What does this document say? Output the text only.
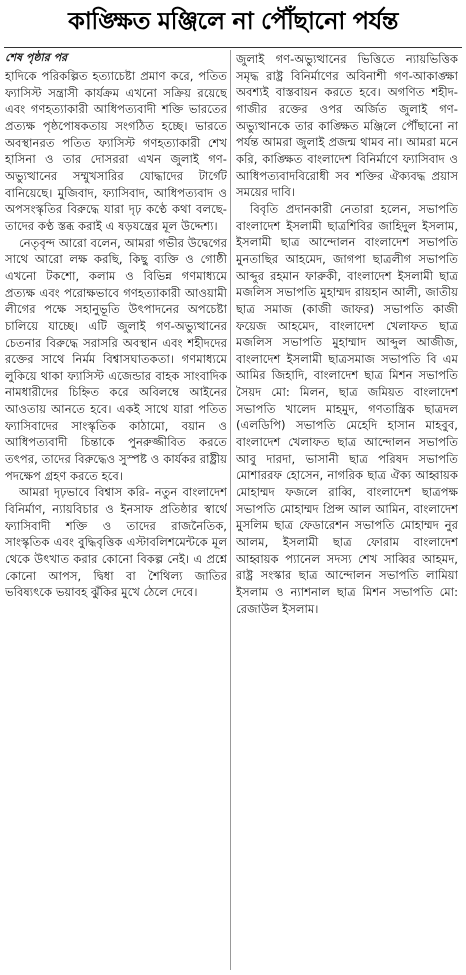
কাঙ্ক্ষিত মঞ্জিলে না পৌঁছানো পর্যন্ত
শেষ পৃষ্ঠার পর

হাদিকে পরিকল্পিত হত্যাচেষ্টা প্রমাণ করে, পতিত ফ্যাসিস্ট সন্ত্রাসী কার্যক্রম এখনো সক্রিয় রয়েছে এবং গণহত্যাকারী আধিপত্যবাদী শক্তি ভারতের প্রত্যক্ষ পৃষ্ঠপোষকতায় সংগঠিত হচ্ছে। ভারতে অবস্থানরত পতিত ফ্যাসিস্ট গণহত্যাকারী শেখ হাসিনা ও তার দোসররা এখন জুলাই গণ-অভ্যুত্থানের সম্মুখসারির যোদ্ধাদের টার্গেট বানিয়েছে। মুজিবাদ, ফ্যাসিবাদ, আধিপত্যবাদ ও অপসংস্কৃতির বিরুদ্ধে যারা দৃঢ় কণ্ঠে কথা বলছে- তাদের কণ্ঠ স্তব্ধ করাই এ ষড়যন্ত্রের মূল উদ্দেশ্য।

নেতৃবৃন্দ আরো বলেন, আমরা গভীর উদ্বেগের সাথে আরো লক্ষ করছি, কিছু ব্যক্তি ও গোষ্ঠী এখনো টকশো, কলাম ও বিভিন্ন গণমাধ্যমে প্রত্যক্ষ এবং পরোক্ষভাবে গণহত্যাকারী আওয়ামী লীগের পক্ষে সহানুভূতি উৎপাদনের অপচেষ্টা চালিয়ে যাচ্ছে। এটি জুলাই গণ-অভ্যুত্থানের চেতনার বিরুদ্ধে সরাসরি অবস্থান এবং শহীদদের রক্তের সাথে নির্মম বিশ্বাসঘাতকতা। গণমাধ্যমে লুকিয়ে থাকা ফ্যাসিস্ট এজেন্ডার বাহক সাংবাদিক নামধারীদের চিহ্নিত করে অবিলম্বে আইনের আওতায় আনতে হবে। একই সাথে যারা পতিত ফ্যাসিবাদের সাংস্কৃতিক কাঠামো, বয়ান ও আধিপত্যবাদী চিন্তাকে পুনরুজ্জীবিত করতে তৎপর, তাদের বিরুদ্ধেও সুস্পষ্ট ও কার্যকর রাষ্ট্রীয় পদক্ষেপ গ্রহণ করতে হবে।

আমরা দৃঢ়ভাবে বিশ্বাস করি- নতুন বাংলাদেশ বিনির্মাণ, ন্যায়বিচার ও ইনসাফ প্রতিষ্ঠার স্বার্থে ফ্যাসিবাদী শক্তি ও তাদের রাজনৈতিক, সাংস্কৃতিক এবং বুদ্ধিবৃত্তিক এস্টাবলিশমেন্টকে মূল থেকে উৎখাত করার কোনো বিকল্প নেই। এ প্রশ্নে কোনো আপস, দ্বিধা বা শৈথিল্য জাতির ভবিষ্যৎকে ভয়াবহ ঝুঁকির মুখে ঠেলে দেবে।

জুলাই গণ-অভ্যুত্থানের ভিত্তিতে ন্যায়ভিত্তিক সমৃদ্ধ রাষ্ট্র বিনির্মাণের অবিনাশী গণ-আকাঙ্ক্ষা অবশ্যই বাস্তবায়ন করতে হবে। অগণিত শহীদ-গাজীর রক্তের ওপর অর্জিত জুলাই গণ-অভ্যুত্থানকে তার কাঙ্ক্ষিত মঞ্জিলে পৌঁছানো না পর্যন্ত আমরা জুলাই প্রজন্ম থামব না। আমরা মনে করি, কাঙ্ক্ষিত বাংলাদেশ বিনির্মাণে ফ্যাসিবাদ ও আধিপত্যবাদবিরোধী সব শক্তির ঐক্যবদ্ধ প্রয়াস সময়ের দাবি।

বিবৃতি প্রদানকারী নেতারা হলেন, সভাপতি বাংলাদেশ ইসলামী ছাত্রশিবির জাহিদুল ইসলাম, ইসলামী ছাত্র আন্দোলন বাংলাদেশ সভাপতি মুনতাছির আহমেদ, জাগপা ছাত্রলীগ সভাপতি আব্দুর রহমান ফারুকী, বাংলাদেশ ইসলামী ছাত্র মজলিস সভাপতি মুহাম্মদ রায়হান আলী, জাতীয় ছাত্র সমাজ (কাজী জাফর) সভাপতি কাজী ফয়েজ আহমেদ, বাংলাদেশ খেলাফত ছাত্র মজলিস সভাপতি মুহাম্মাদ আব্দুল আজীজ, বাংলাদেশ ইসলামী ছাত্রসমাজ সভাপতি বি এম আমির জিহাদি, বাংলাদেশ ছাত্র মিশন সভাপতি সৈয়দ মো: মিলন, ছাত্র জমিয়ত বাংলাদেশ সভাপতি খালেদ মাহমুদ, গণতান্ত্রিক ছাত্রদল (এলডিপি) সভাপতি মেহেদি হাসান মাহবুব, বাংলাদেশ খেলাফত ছাত্র আন্দোলন সভাপতি আবু দারদা, ভাসানী ছাত্র পরিষদ সভাপতি মোশাররফ হোসেন, নাগরিক ছাত্র ঐক্য আহ্বায়ক মোহাম্মদ ফজলে রাব্বি, বাংলাদেশ ছাত্রপক্ষ সভাপতি মোহাম্মদ প্রিন্স আল আমিন, বাংলাদেশ মুসলিম ছাত্র ফেডারেশন সভাপতি মোহাম্মদ নুর আলম, ইসলামী ছাত্র ফোরাম বাংলাদেশ আহ্বায়ক প্যানেল সদস্য শেখ সাব্বির আহমদ, রাষ্ট্র সংস্কার ছাত্র আন্দোলন সভাপতি লামিয়া ইসলাম ও ন্যাশনাল ছাত্র মিশন সভাপতি মো: রেজাউল ইসলাম।
